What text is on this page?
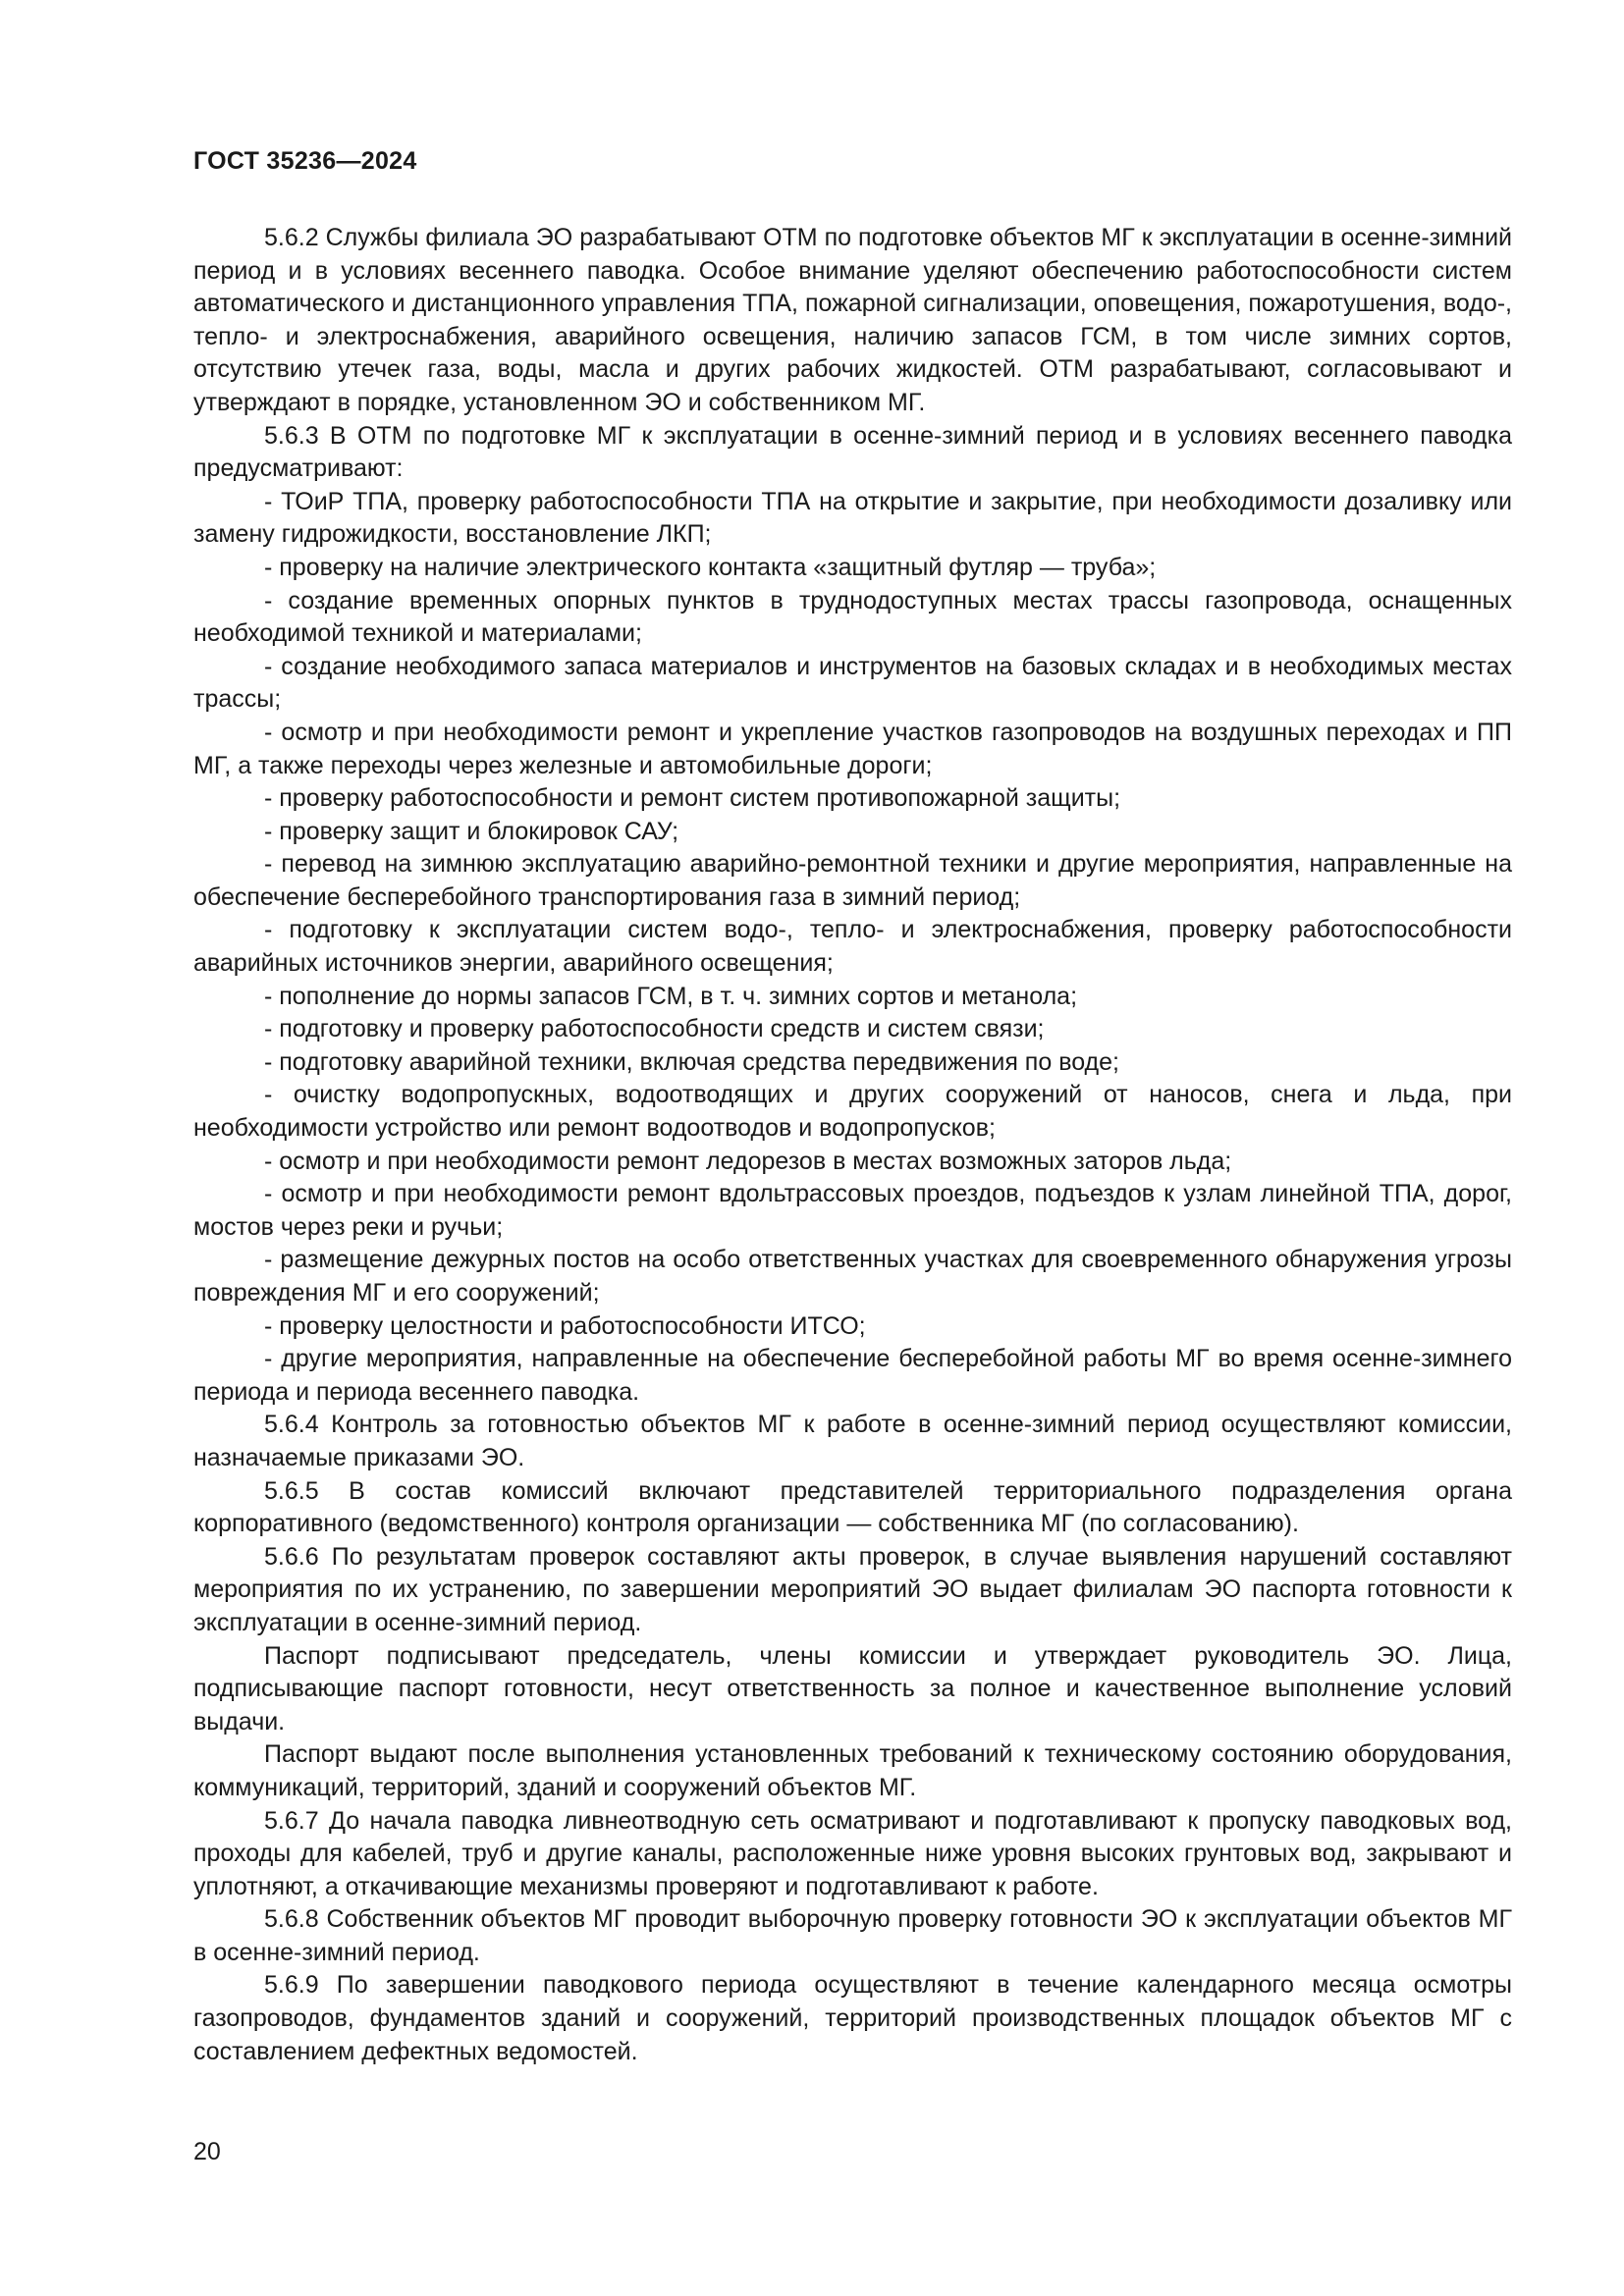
ГОСТ 35236—2024

5.6.2 Службы филиала ЭО разрабатывают ОТМ по подготовке объектов МГ к эксплуатации в осенне-зимний период и в условиях весеннего паводка. Особое внимание уделяют обеспечению работоспособности систем автоматического и дистанционного управления ТПА, пожарной сигнализации, оповещения, пожаротушения, водо-, тепло- и электроснабжения, аварийного освещения, наличию запасов ГСМ, в том числе зимних сортов, отсутствию утечек газа, воды, масла и других рабочих жидкостей. ОТМ разрабатывают, согласовывают и утверждают в порядке, установленном ЭО и собственником МГ.

5.6.3 В ОТМ по подготовке МГ к эксплуатации в осенне-зимний период и в условиях весеннего паводка предусматривают:

- ТОиР ТПА, проверку работоспособности ТПА на открытие и закрытие, при необходимости дозаливку или замену гидрожидкости, восстановление ЛКП;

- проверку на наличие электрического контакта «защитный футляр — труба»;

- создание временных опорных пунктов в труднодоступных местах трассы газопровода, оснащенных необходимой техникой и материалами;

- создание необходимого запаса материалов и инструментов на базовых складах и в необходимых местах трассы;

- осмотр и при необходимости ремонт и укрепление участков газопроводов на воздушных переходах и ПП МГ, а также переходы через железные и автомобильные дороги;

- проверку работоспособности и ремонт систем противопожарной защиты;

- проверку защит и блокировок САУ;

- перевод на зимнюю эксплуатацию аварийно-ремонтной техники и другие мероприятия, направленные на обеспечение бесперебойного транспортирования газа в зимний период;

- подготовку к эксплуатации систем водо-, тепло- и электроснабжения, проверку работоспособности аварийных источников энергии, аварийного освещения;

- пополнение до нормы запасов ГСМ, в т. ч. зимних сортов и метанола;

- подготовку и проверку работоспособности средств и систем связи;

- подготовку аварийной техники, включая средства передвижения по воде;

- очистку водопропускных, водоотводящих и других сооружений от наносов, снега и льда, при необходимости устройство или ремонт водоотводов и водопропусков;

- осмотр и при необходимости ремонт ледорезов в местах возможных заторов льда;

- осмотр и при необходимости ремонт вдольтрассовых проездов, подъездов к узлам линейной ТПА, дорог, мостов через реки и ручьи;

- размещение дежурных постов на особо ответственных участках для своевременного обнаружения угрозы повреждения МГ и его сооружений;

- проверку целостности и работоспособности ИТСО;

- другие мероприятия, направленные на обеспечение бесперебойной работы МГ во время осенне-зимнего периода и периода весеннего паводка.

5.6.4 Контроль за готовностью объектов МГ к работе в осенне-зимний период осуществляют комиссии, назначаемые приказами ЭО.

5.6.5 В состав комиссий включают представителей территориального подразделения органа корпоративного (ведомственного) контроля организации — собственника МГ (по согласованию).

5.6.6 По результатам проверок составляют акты проверок, в случае выявления нарушений составляют мероприятия по их устранению, по завершении мероприятий ЭО выдает филиалам ЭО паспорта готовности к эксплуатации в осенне-зимний период.

Паспорт подписывают председатель, члены комиссии и утверждает руководитель ЭО. Лица, подписывающие паспорт готовности, несут ответственность за полное и качественное выполнение условий выдачи.

Паспорт выдают после выполнения установленных требований к техническому состоянию оборудования, коммуникаций, территорий, зданий и сооружений объектов МГ.

5.6.7 До начала паводка ливнеотводную сеть осматривают и подготавливают к пропуску паводковых вод, проходы для кабелей, труб и другие каналы, расположенные ниже уровня высоких грунтовых вод, закрывают и уплотняют, а откачивающие механизмы проверяют и подготавливают к работе.

5.6.8 Собственник объектов МГ проводит выборочную проверку готовности ЭО к эксплуатации объектов МГ в осенне-зимний период.

5.6.9 По завершении паводкового периода осуществляют в течение календарного месяца осмотры газопроводов, фундаментов зданий и сооружений, территорий производственных площадок объектов МГ с составлением дефектных ведомостей.

20
